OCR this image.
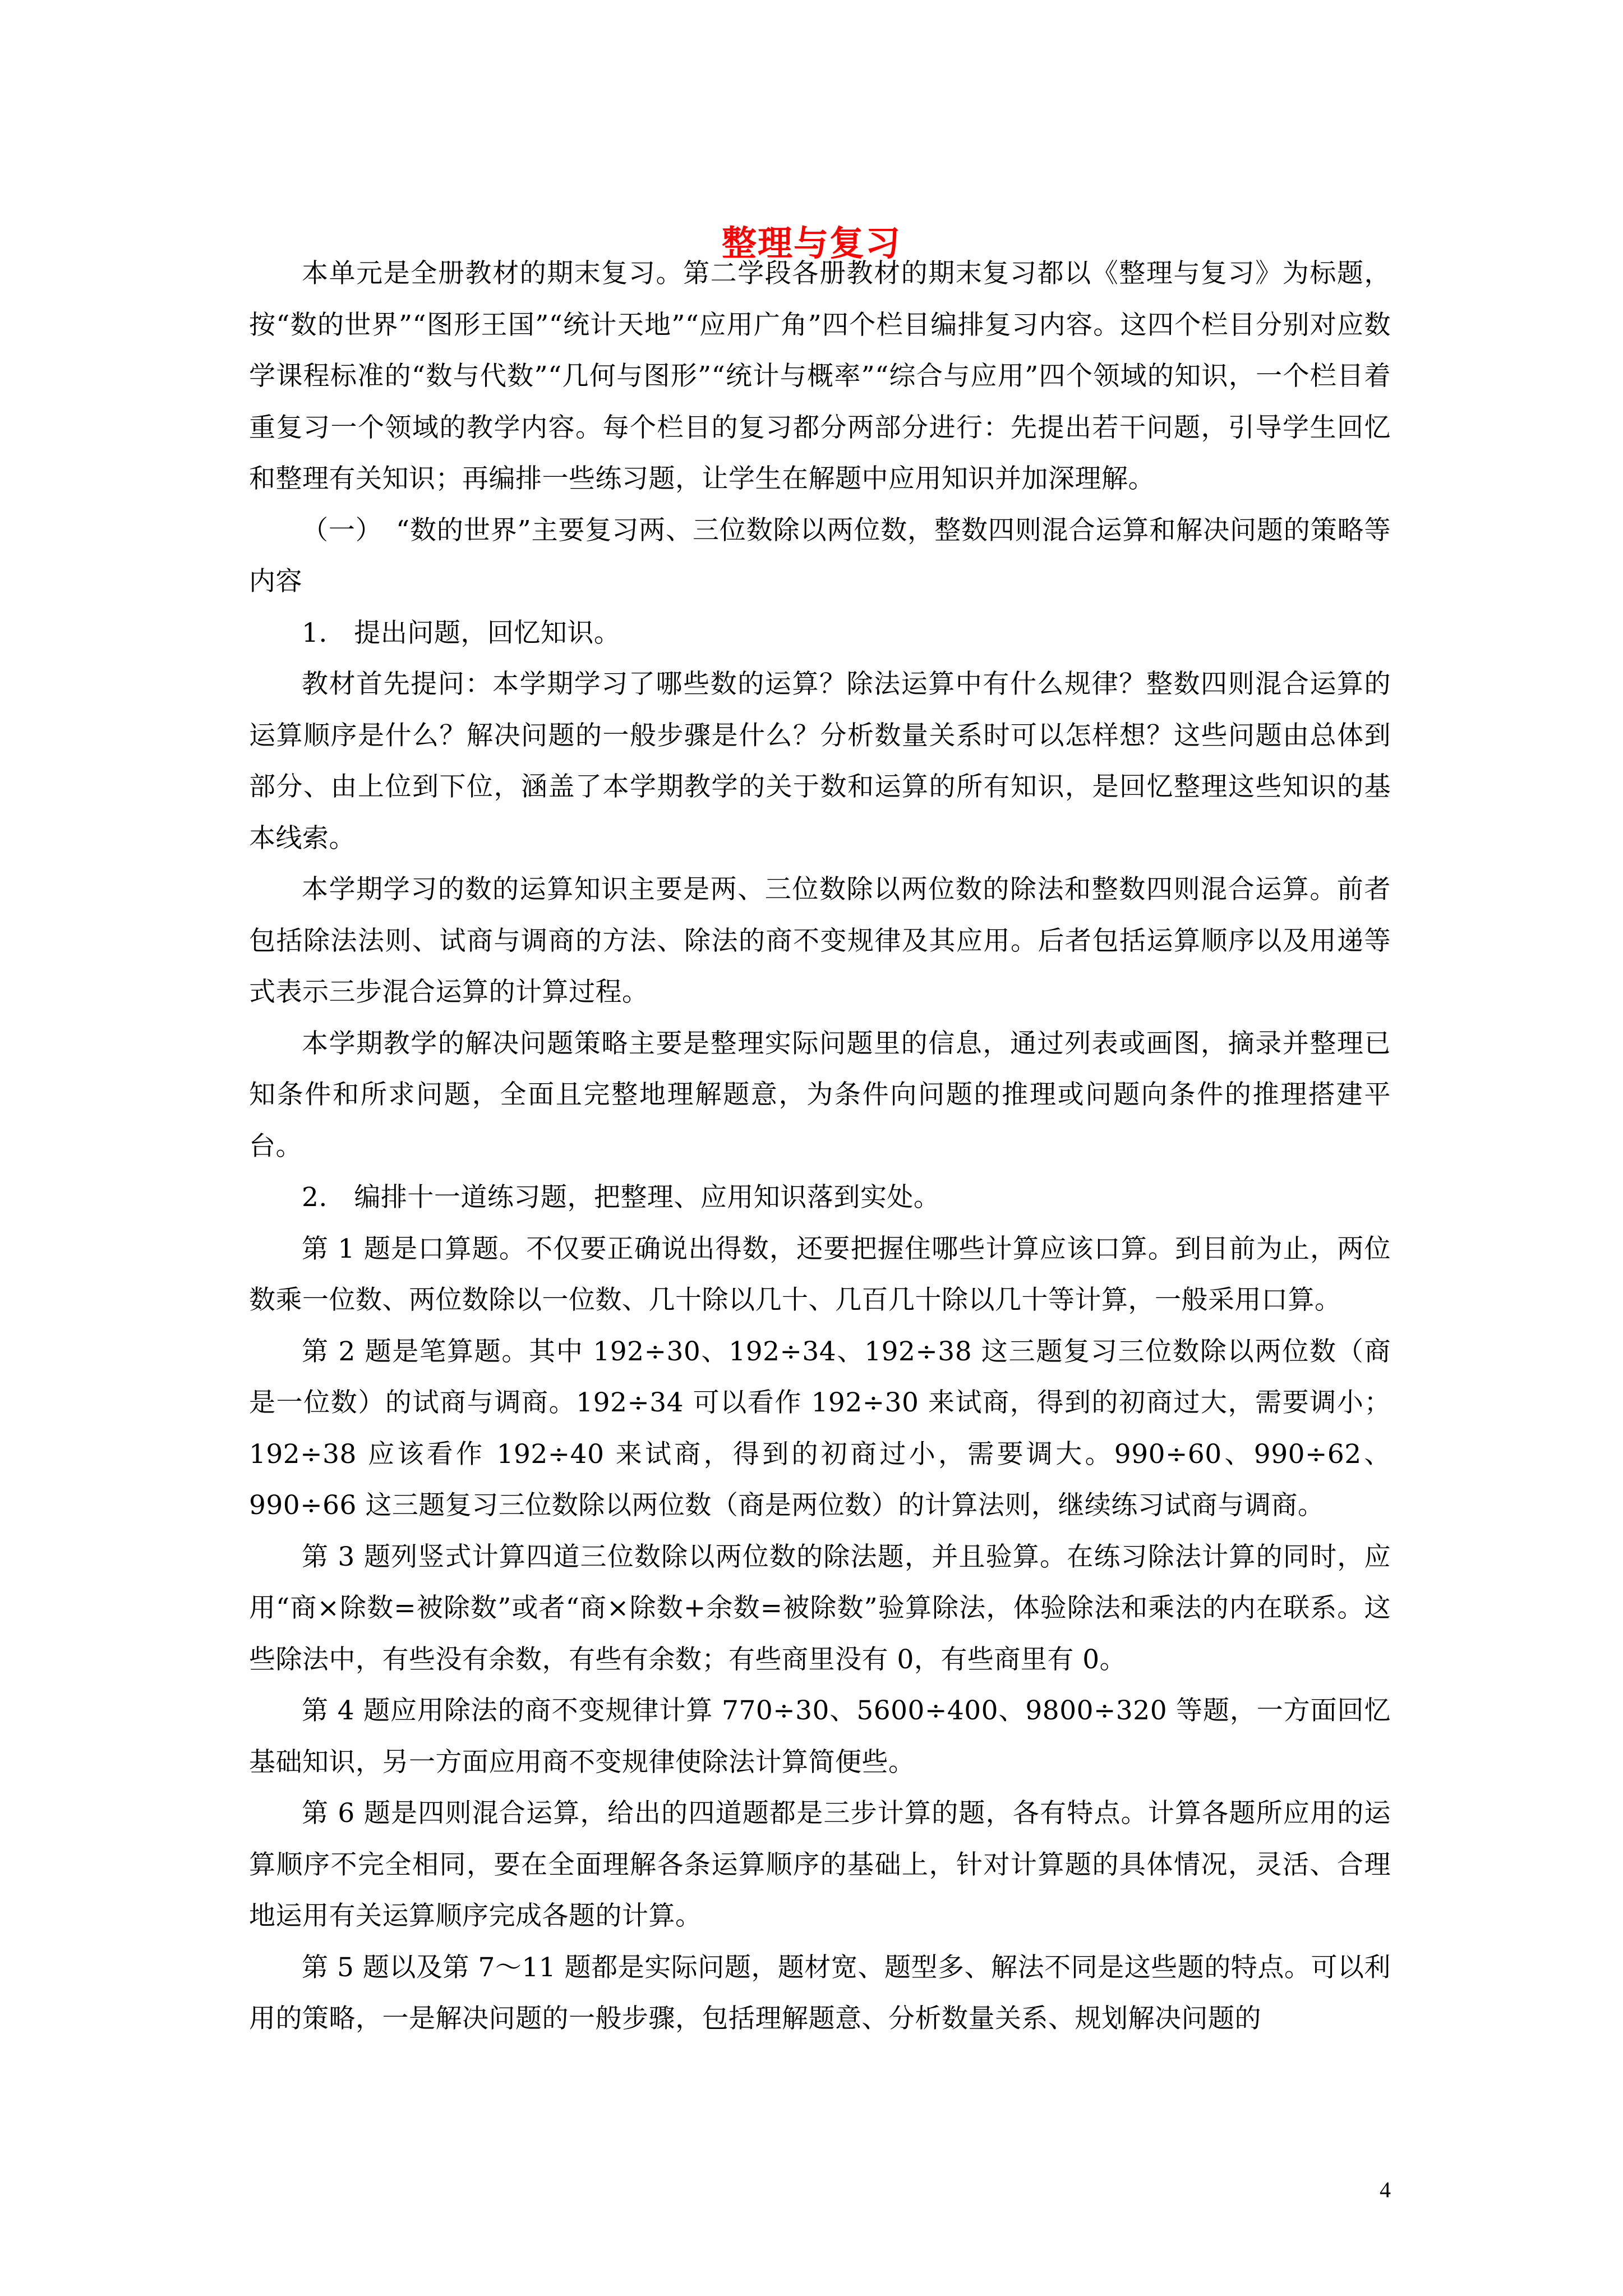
整理与复习

本单元是全册教材的期末复习。第二学段各册教材的期末复习都以《整理与复习》为标题，按“数的世界”“图形王国”“统计天地”“应用广角”四个栏目编排复习内容。这四个栏目分别对应数学课程标准的“数与代数”“几何与图形”“统计与概率”“综合与应用”四个领域的知识，一个栏目着重复习一个领域的教学内容。每个栏目的复习都分两部分进行：先提出若干问题，引导学生回忆和整理有关知识；再编排一些练习题，让学生在解题中应用知识并加深理解。

（一）　“数的世界”主要复习两、三位数除以两位数，整数四则混合运算和解决问题的策略等内容

1.　提出问题，回忆知识。

教材首先提问：本学期学习了哪些数的运算？除法运算中有什么规律？整数四则混合运算的运算顺序是什么？解决问题的一般步骤是什么？分析数量关系时可以怎样想？这些问题由总体到部分、由上位到下位，涵盖了本学期教学的关于数和运算的所有知识，是回忆整理这些知识的基本线索。

本学期学习的数的运算知识主要是两、三位数除以两位数的除法和整数四则混合运算。前者包括除法法则、试商与调商的方法、除法的商不变规律及其应用。后者包括运算顺序以及用递等式表示三步混合运算的计算过程。

本学期教学的解决问题策略主要是整理实际问题里的信息，通过列表或画图，摘录并整理已知条件和所求问题，全面且完整地理解题意，为条件向问题的推理或问题向条件的推理搭建平台。

2.　编排十一道练习题，把整理、应用知识落到实处。

第 1 题是口算题。不仅要正确说出得数，还要把握住哪些计算应该口算。到目前为止，两位数乘一位数、两位数除以一位数、几十除以几十、几百几十除以几十等计算，一般采用口算。

第 2 题是笔算题。其中 192÷30、192÷34、192÷38 这三题复习三位数除以两位数（商是一位数）的试商与调商。192÷34 可以看作 192÷30 来试商，得到的初商过大，需要调小；192÷38 应该看作 192÷40 来试商，得到的初商过小，需要调大。990÷60、990÷62、990÷66 这三题复习三位数除以两位数（商是两位数）的计算法则，继续练习试商与调商。

第 3 题列竖式计算四道三位数除以两位数的除法题，并且验算。在练习除法计算的同时，应用“商×除数=被除数”或者“商×除数+余数=被除数”验算除法，体验除法和乘法的内在联系。这些除法中，有些没有余数，有些有余数；有些商里没有 0，有些商里有 0。

第 4 题应用除法的商不变规律计算 770÷30、5600÷400、9800÷320 等题，一方面回忆基础知识，另一方面应用商不变规律使除法计算简便些。

第 6 题是四则混合运算，给出的四道题都是三步计算的题，各有特点。计算各题所应用的运算顺序不完全相同，要在全面理解各条运算顺序的基础上，针对计算题的具体情况，灵活、合理地运用有关运算顺序完成各题的计算。

第 5 题以及第 7～11 题都是实际问题，题材宽、题型多、解法不同是这些题的特点。可以利用的策略，一是解决问题的一般步骤，包括理解题意、分析数量关系、规划解决问题的

4
